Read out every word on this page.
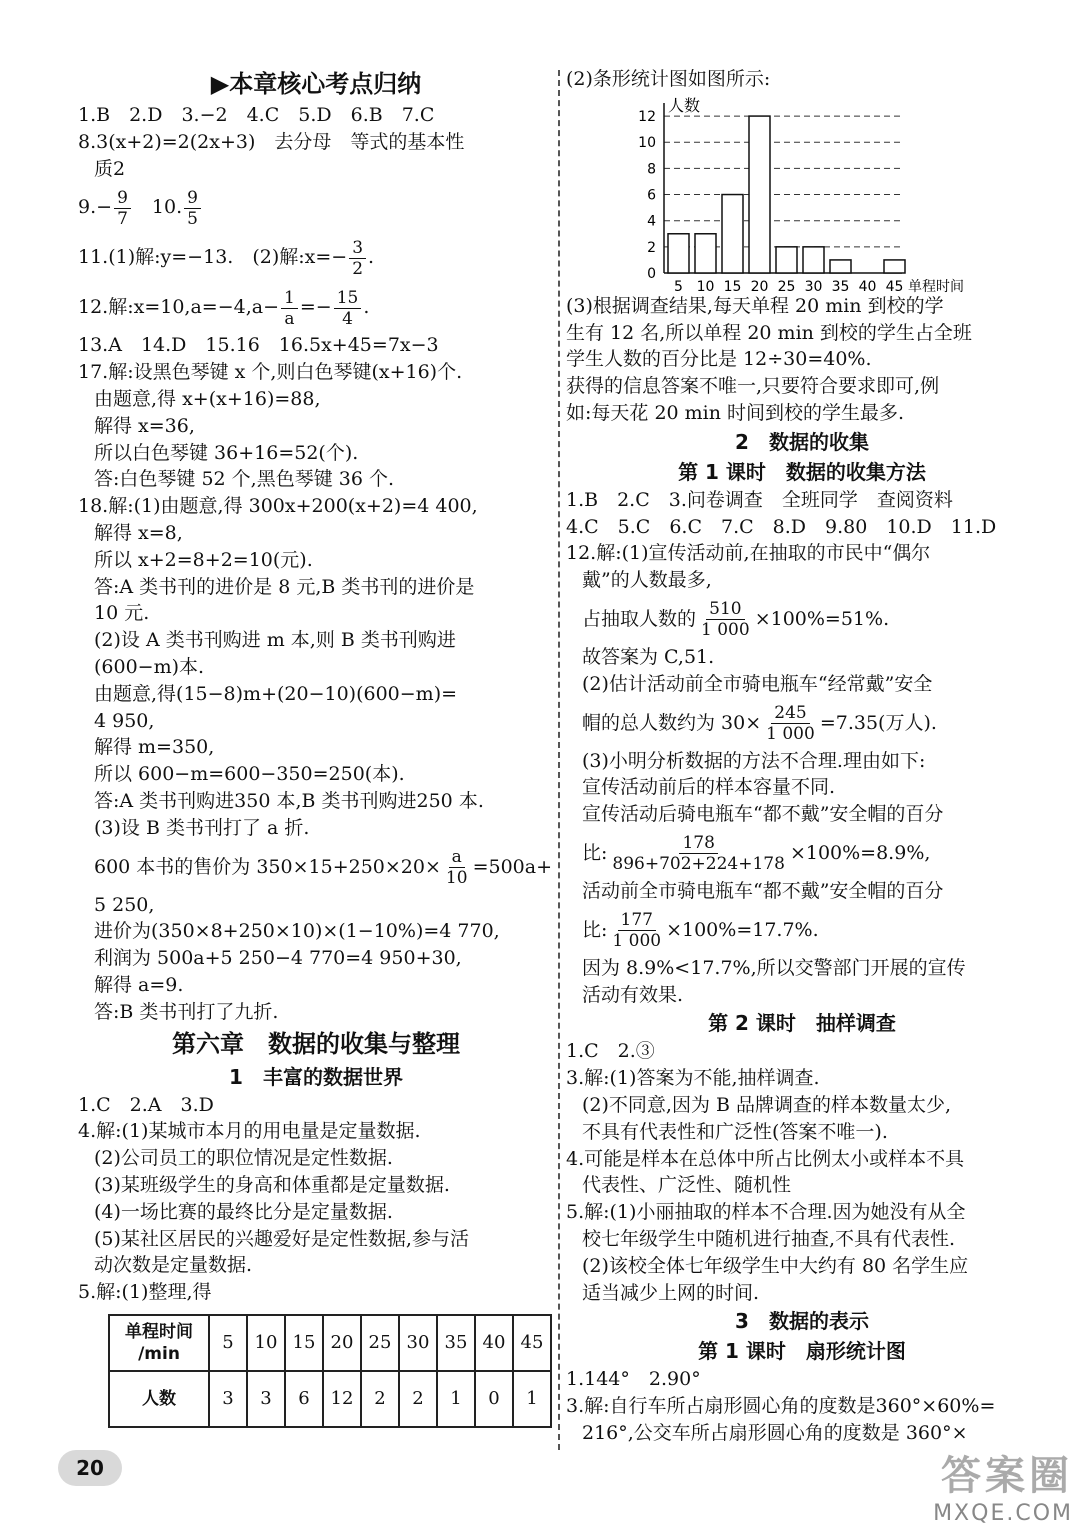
▶本章核心考点归纳
1.B　2.D　3.−2　4.C　5.D　6.B　7.C
8.3(x+2)=2(2x+3)　去分母　等式的基本性
质2
$9.- \frac{9}{7}$ 　10. $\frac{9}{5}$
11.(1)解:y=−13.　(2)解:x=− $\frac{3}{2}$ .
12.解:x=10,a=−4,a− $\frac{1}{a} =- \frac{15}{4}$ .
13.A　14.D　15.16　16.5x+45=7x−3
17.解:设黑色琴键 x 个,则白色琴键(x+16)个.
由题意,得 x+(x+16)=88,
解得 x=36,
所以白色琴键 36+16=52(个).
答:白色琴键 52 个,黑色琴键 36 个.
18.解:(1)由题意,得 300x+200(x+2)=4 400,
解得 x=8,
所以 x+2=8+2=10(元).
答:A 类书刊的进价是 8 元,B 类书刊的进价是
10 元.
(2)设 A 类书刊购进 m 本,则 B 类书刊购进
(600−m)本.
由题意,得(15−8)m+(20−10)(600−m)=
4 950,
解得 m=350,
所以 600−m=600−350=250(本).
答:A 类书刊购进350 本,B 类书刊购进250 本.
(3)设 B 类书刊打了 a 折.
600 本书的售价为 $350\times 15+250\times 20\times \frac{a}{10} =500a+$
5 250,
进价为(350×8+250×10)×(1−10%)=4 770,
利润为 500a+5 250−4 770=4 950+30,
解得 a=9.
答:B 类书刊打了九折.
第六章　数据的收集与整理
1　丰富的数据世界
1.C　2.A　3.D
4.解:(1)某城市本月的用电量是定量数据.
(2)公司员工的职位情况是定性数据.
(3)某班级学生的身高和体重都是定量数据.
(4)一场比赛的最终比分是定量数据.
(5)某社区居民的兴趣爱好是定性数据,参与活
动次数是定量数据.
5.解:(1)整理,得
单程时间
/min	5	10	15	20	25	30	35	40	45
人数	3	3	6	12	2	2	1	0	1
(2)条形统计图如图所示:
人数
0
2
4
6
8
10
12
5 10 15 20 25 30 35 40 45 单程时间
(3)根据调查结果,每天单程 20 min 到校的学
生有 12 名,所以单程 20 min 到校的学生占全班
学生人数的百分比是 12÷30=40%.
获得的信息答案不唯一,只要符合要求即可,例
如:每天花 20 min 时间到校的学生最多.
2　数据的收集
第 1 课时　数据的收集方法
1.B　2.C　3.问卷调查　全班同学　查阅资料
4.C　5.C　6.C　7.C　8.D　9.80　10.D　11.D
12.解:(1)宣传活动前,在抽取的市民中“偶尔
戴”的人数最多,
占抽取人数的 $\frac{510}{1 000} \times 100\%=51\%$.
故答案为 C,51.
(2)估计活动前全市骑电瓶车“经常戴”安全
帽的总人数约为 $30\times \frac{245}{1 000} =7.35$(万人).
(3)小明分析数据的方法不合理.理由如下:
宣传活动前后的样本容量不同.
宣传活动后骑电瓶车“都不戴”安全帽的百分
比: $\frac{178}{896+702+224+178} \times 100\%=8.9\%$,
活动前全市骑电瓶车“都不戴”安全帽的百分
比: $\frac{177}{1 000} \times 100\%=17.7\%$.
因为 8.9%<17.7%,所以交警部门开展的宣传
活动有效果.
第 2 课时　抽样调查
1.C　2.③
3.解:(1)答案为不能,抽样调查.
(2)不同意,因为 B 品牌调查的样本数量太少,
不具有代表性和广泛性(答案不唯一).
4.可能是样本在总体中所占比例太小或样本不具
代表性、广泛性、随机性
5.解:(1)小丽抽取的样本不合理.因为她没有从全
校七年级学生中随机进行抽查,不具有代表性.
(2)该校全体七年级学生中大约有 80 名学生应
适当减少上网的时间.
3　数据的表示
第 1 课时　扇形统计图
1.144°　2.90°
3.解:自行车所占扇形圆心角的度数是360°×60%=
216°,公交车所占扇形圆心角的度数是 360°×
20	答案圈
MXQE.COM
